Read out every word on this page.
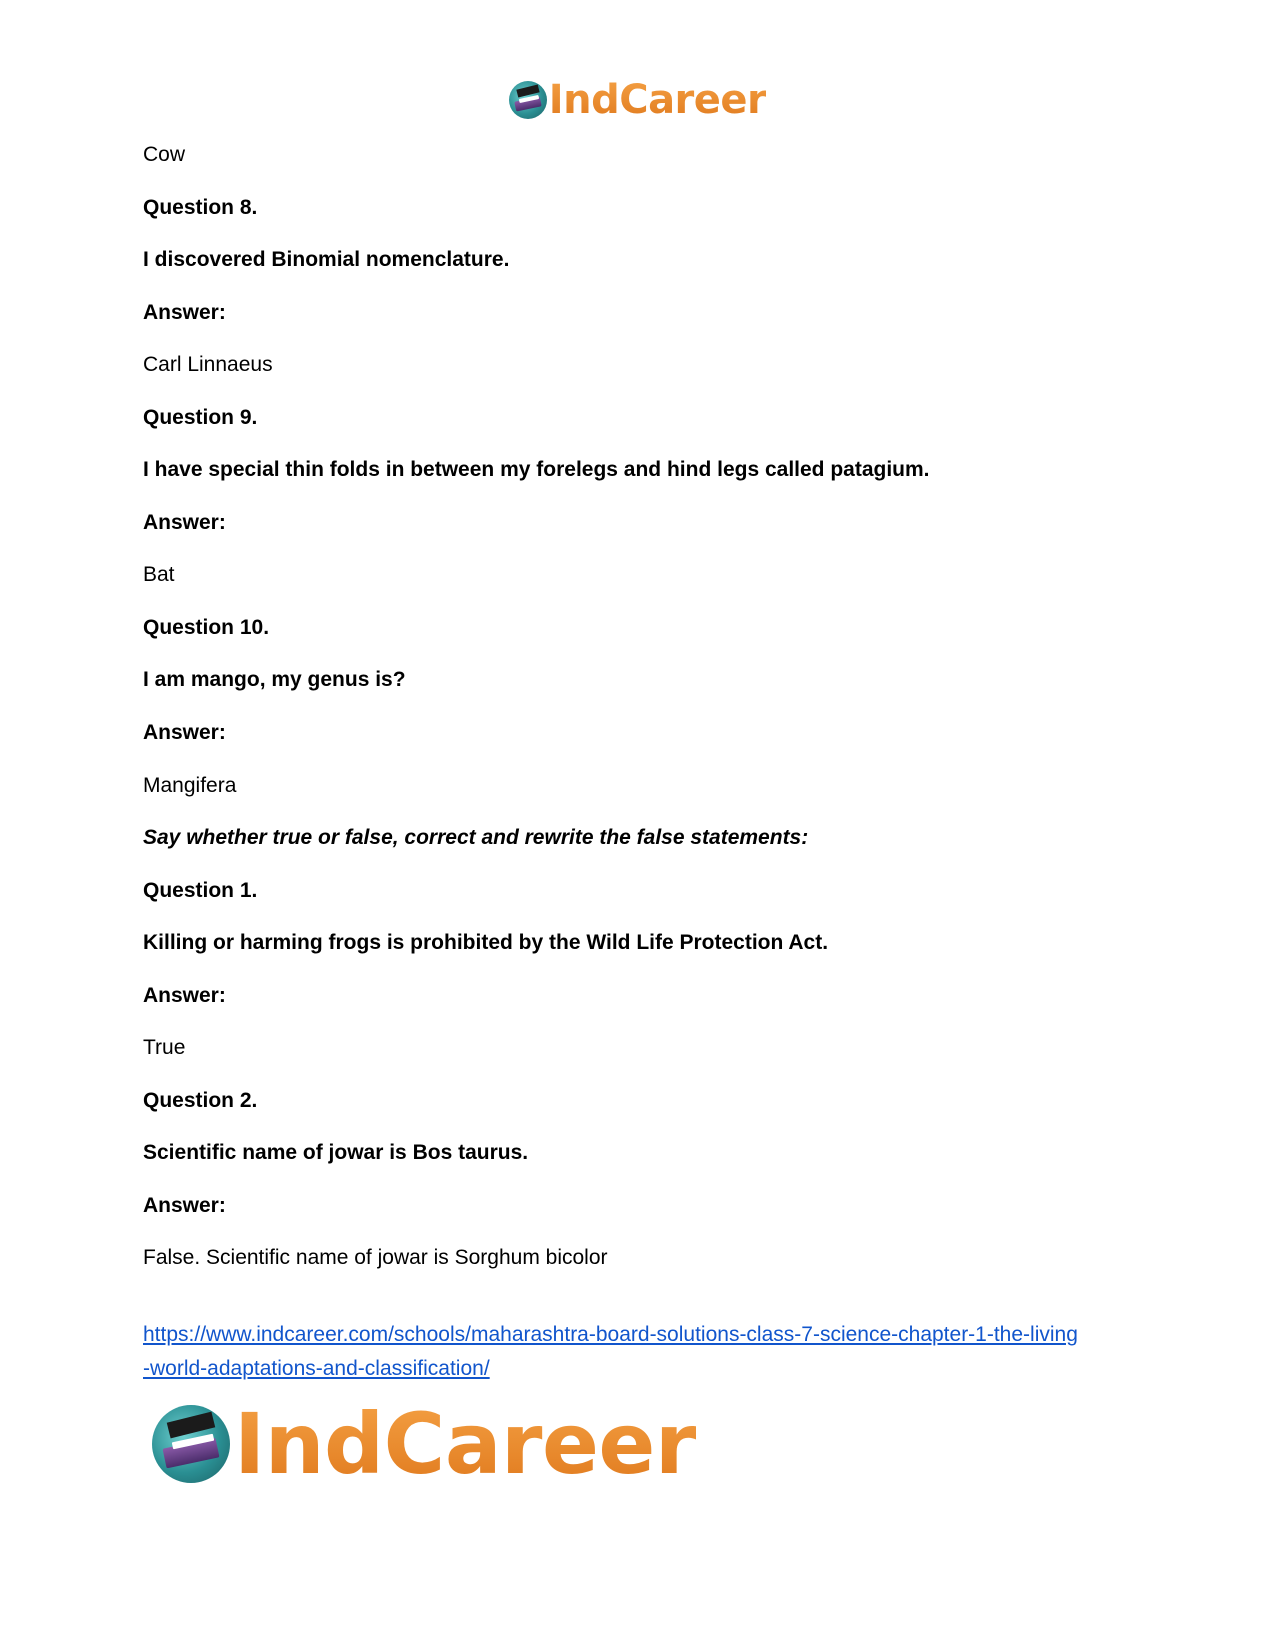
IndCareer
Cow
Question 8.
I discovered Binomial nomenclature.
Answer:
Carl Linnaeus
Question 9.
I have special thin folds in between my forelegs and hind legs called patagium.
Answer:
Bat
Question 10.
I am mango, my genus is?
Answer:
Mangifera
Say whether true or false, correct and rewrite the false statements:
Question 1.
Killing or harming frogs is prohibited by the Wild Life Protection Act.
Answer:
True
Question 2.
Scientific name of jowar is Bos taurus.
Answer:
False. Scientific name of jowar is Sorghum bicolor
https://www.indcareer.com/schools/maharashtra-board-solutions-class-7-science-chapter-1-the-living-world-adaptations-and-classification/
IndCareer
